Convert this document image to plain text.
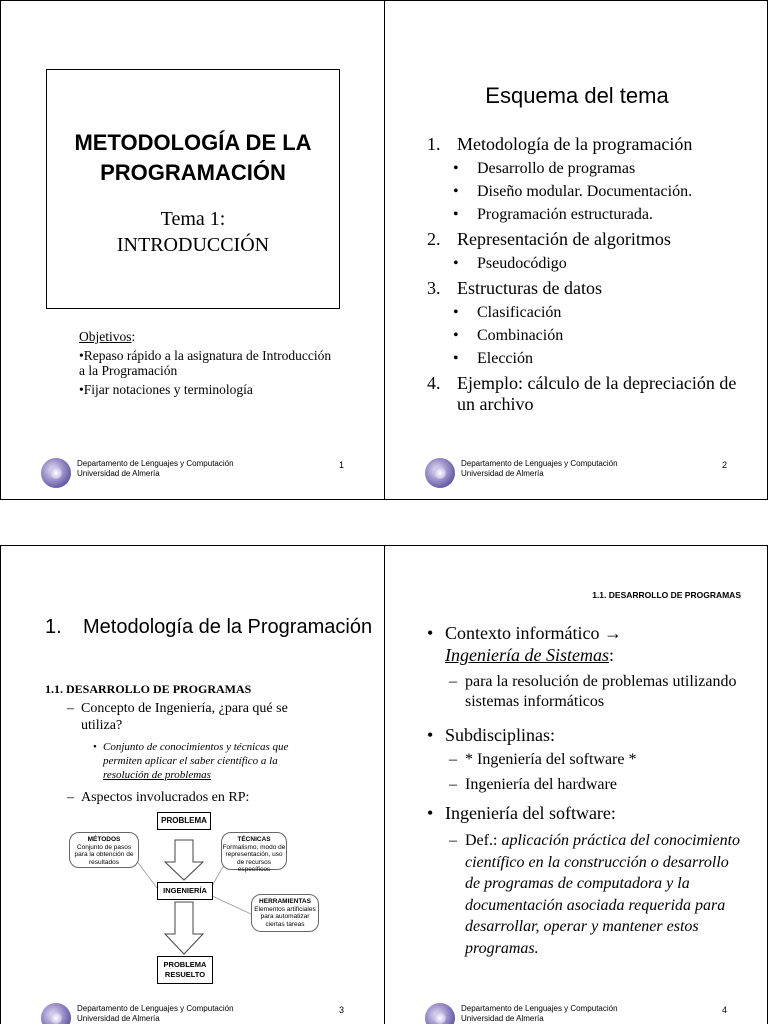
METODOLOGÍA DE LA PROGRAMACIÓN
Tema 1:
INTRODUCCIÓN
Objetivos:
•Repaso rápido a la asignatura de Introducción a la Programación
•Fijar notaciones y terminología
Departamento de Lenguajes y Computación
Universidad de Almería
1
Esquema del tema
1. Metodología de la programación
• Desarrollo de programas
• Diseño modular. Documentación.
• Programación estructurada.
2. Representación de algoritmos
• Pseudocódigo
3. Estructuras de datos
• Clasificación
• Combinación
• Elección
4. Ejemplo: cálculo de la depreciación de un archivo
Departamento de Lenguajes y Computación
Universidad de Almería
2
1.	Metodología de la Programación
1.1. DESARROLLO DE PROGRAMAS
– Concepto de Ingeniería, ¿para qué se utiliza?
• Conjunto de conocimientos y técnicas que permiten aplicar el saber científico a la resolución de problemas
– Aspectos involucrados en RP:
PROBLEMA
MÉTODOS
Conjunto de pasos para la obtención de resultados
TÉCNICAS
Formalismo, modo de representación, uso de recursos específicos
INGENIERÍA
HERRAMIENTAS
Elementos artificiales para automatizar ciertas tareas
PROBLEMA
RESUELTO
Departamento de Lenguajes y Computación
Universidad de Almería
3
1.1. DESARROLLO DE PROGRAMAS
• Contexto informático →
Ingeniería de Sistemas:
– para la resolución de problemas utilizando sistemas informáticos
• Subdisciplinas:
– * Ingeniería del software *
– Ingeniería del hardware
• Ingeniería del software:
– Def.: aplicación práctica del conocimiento científico en la construcción o desarrollo de programas de computadora y la documentación asociada requerida para desarrollar, operar y mantener estos programas.
Departamento de Lenguajes y Computación
Universidad de Almería
4
